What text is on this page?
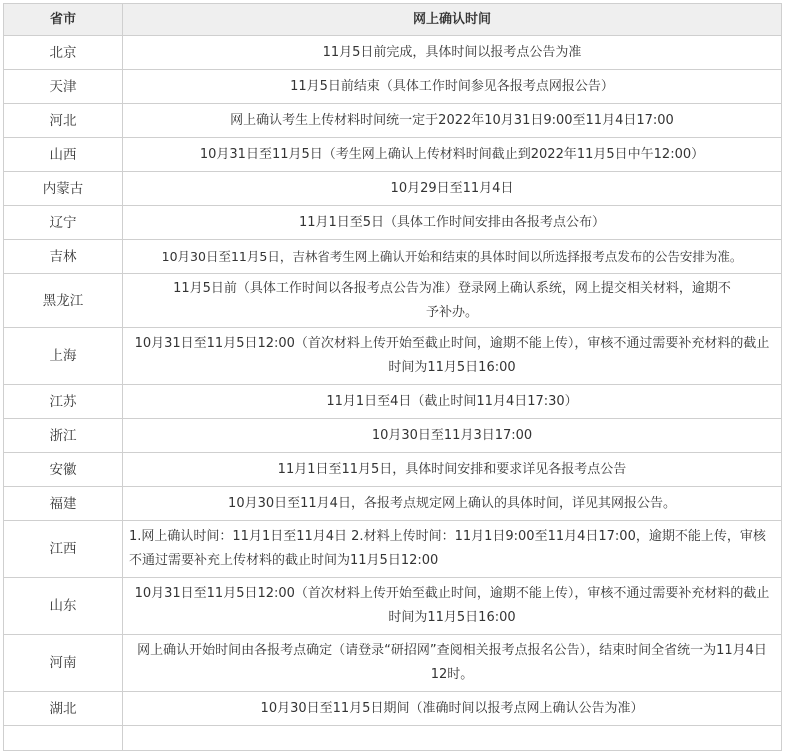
省市	网上确认时间
北京	11月5日前完成，具体时间以报考点公告为准
天津	11月5日前结束（具体工作时间参见各报考点网报公告）
河北	网上确认考生上传材料时间统一定于2022年10月31日9:00至11月4日17:00
山西	10月31日至11月5日（考生网上确认上传材料时间截止到2022年11月5日中午12:00）
内蒙古	10月29日至11月4日
辽宁	11月1日至5日（具体工作时间安排由各报考点公布）
吉林	10月30日至11月5日，吉林省考生网上确认开始和结束的具体时间以所选择报考点发布的公告安排为准。
黑龙江	11月5日前（具体工作时间以各报考点公告为准）登录网上确认系统，网上提交相关材料，逾期不予补办。
上海	10月31日至11月5日12:00（首次材料上传开始至截止时间，逾期不能上传），审核不通过需要补充材料的截止时间为11月5日16:00
江苏	11月1日至4日（截止时间11月4日17:30）
浙江	10月30日至11月3日17:00
安徽	11月1日至11月5日，具体时间安排和要求详见各报考点公告
福建	10月30日至11月4日，各报考点规定网上确认的具体时间，详见其网报公告。
江西	1.网上确认时间：11月1日至11月4日 2.材料上传时间：11月1日9:00至11月4日17:00，逾期不能上传，审核不通过需要补充上传材料的截止时间为11月5日12:00
山东	10月31日至11月5日12:00（首次材料上传开始至截止时间，逾期不能上传），审核不通过需要补充材料的截止时间为11月5日16:00
河南	网上确认开始时间由各报考点确定（请登录“研招网”查阅相关报考点报名公告），结束时间全省统一为11月4日12时。
湖北	10月30日至11月5日期间（准确时间以报考点网上确认公告为准）
